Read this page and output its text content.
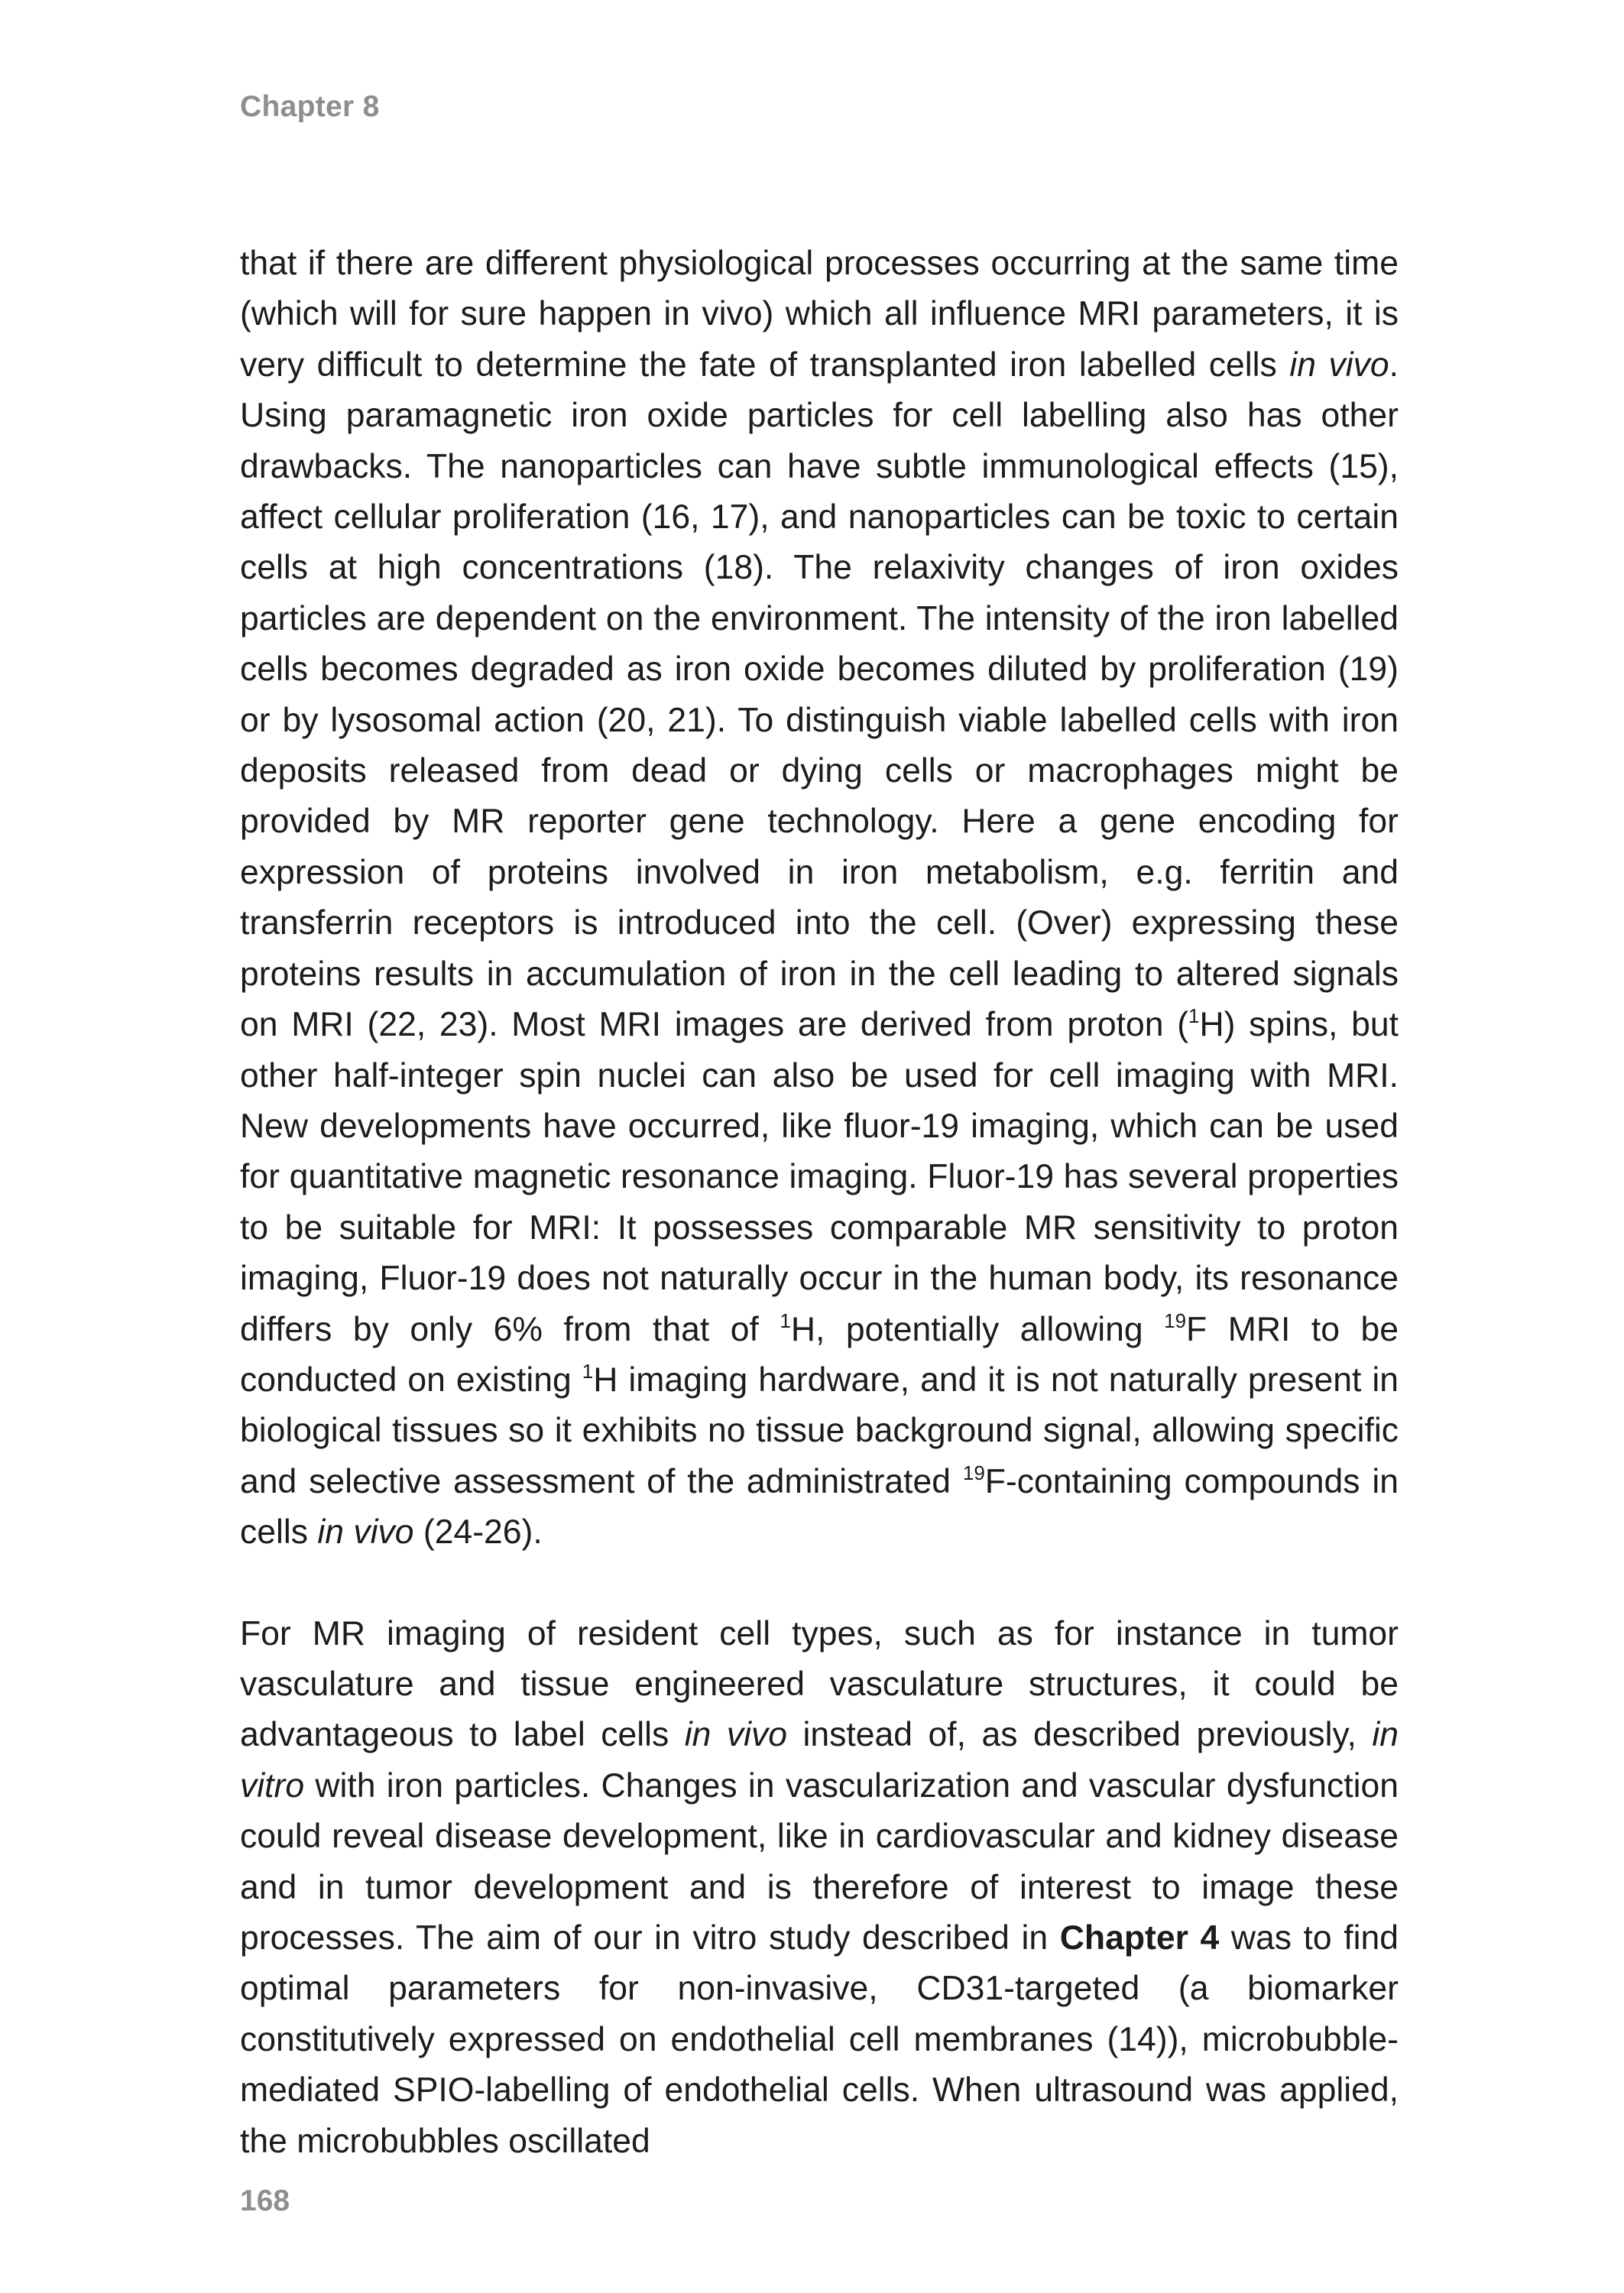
Chapter 8

that if there are different physiological processes occurring at the same time (which will for sure happen in vivo) which all influence MRI parameters, it is very difficult to determine the fate of transplanted iron labelled cells in vivo. Using paramagnetic iron oxide particles for cell labelling also has other drawbacks. The nanoparticles can have subtle immunological effects (15), affect cellular proliferation (16, 17), and nanoparticles can be toxic to certain cells at high concentrations (18). The relaxivity changes of iron oxides particles are dependent on the environment. The intensity of the iron labelled cells becomes degraded as iron oxide becomes diluted by proliferation (19) or by lysosomal action (20, 21). To distinguish viable labelled cells with iron deposits released from dead or dying cells or macrophages might be provided by MR reporter gene technology. Here a gene encoding for expression of proteins involved in iron metabolism, e.g. ferritin and transferrin receptors is introduced into the cell. (Over) expressing these proteins results in accumulation of iron in the cell leading to altered signals on MRI (22, 23). Most MRI images are derived from proton ($^1$H) spins, but other half-integer spin nuclei can also be used for cell imaging with MRI. New developments have occurred, like fluor-19 imaging, which can be used for quantitative magnetic resonance imaging. Fluor-19 has several properties to be suitable for MRI: It possesses comparable MR sensitivity to proton imaging, Fluor-19 does not naturally occur in the human body, its resonance differs by only 6% from that of $^1$H, potentially allowing $^{19}$F MRI to be conducted on existing $^1$H imaging hardware, and it is not naturally present in biological tissues so it exhibits no tissue background signal, allowing specific and selective assessment of the administrated $^{19}$F-containing compounds in cells in vivo (24-26).

For MR imaging of resident cell types, such as for instance in tumor vasculature and tissue engineered vasculature structures, it could be advantageous to label cells in vivo instead of, as described previously, in vitro with iron particles. Changes in vascularization and vascular dysfunction could reveal disease development, like in cardiovascular and kidney disease and in tumor development and is therefore of interest to image these processes. The aim of our in vitro study described in Chapter 4 was to find optimal parameters for non-invasive, CD31-targeted (a biomarker constitutively expressed on endothelial cell membranes (14)), microbubble-mediated SPIO-labelling of endothelial cells. When ultrasound was applied, the microbubbles oscillated

168
